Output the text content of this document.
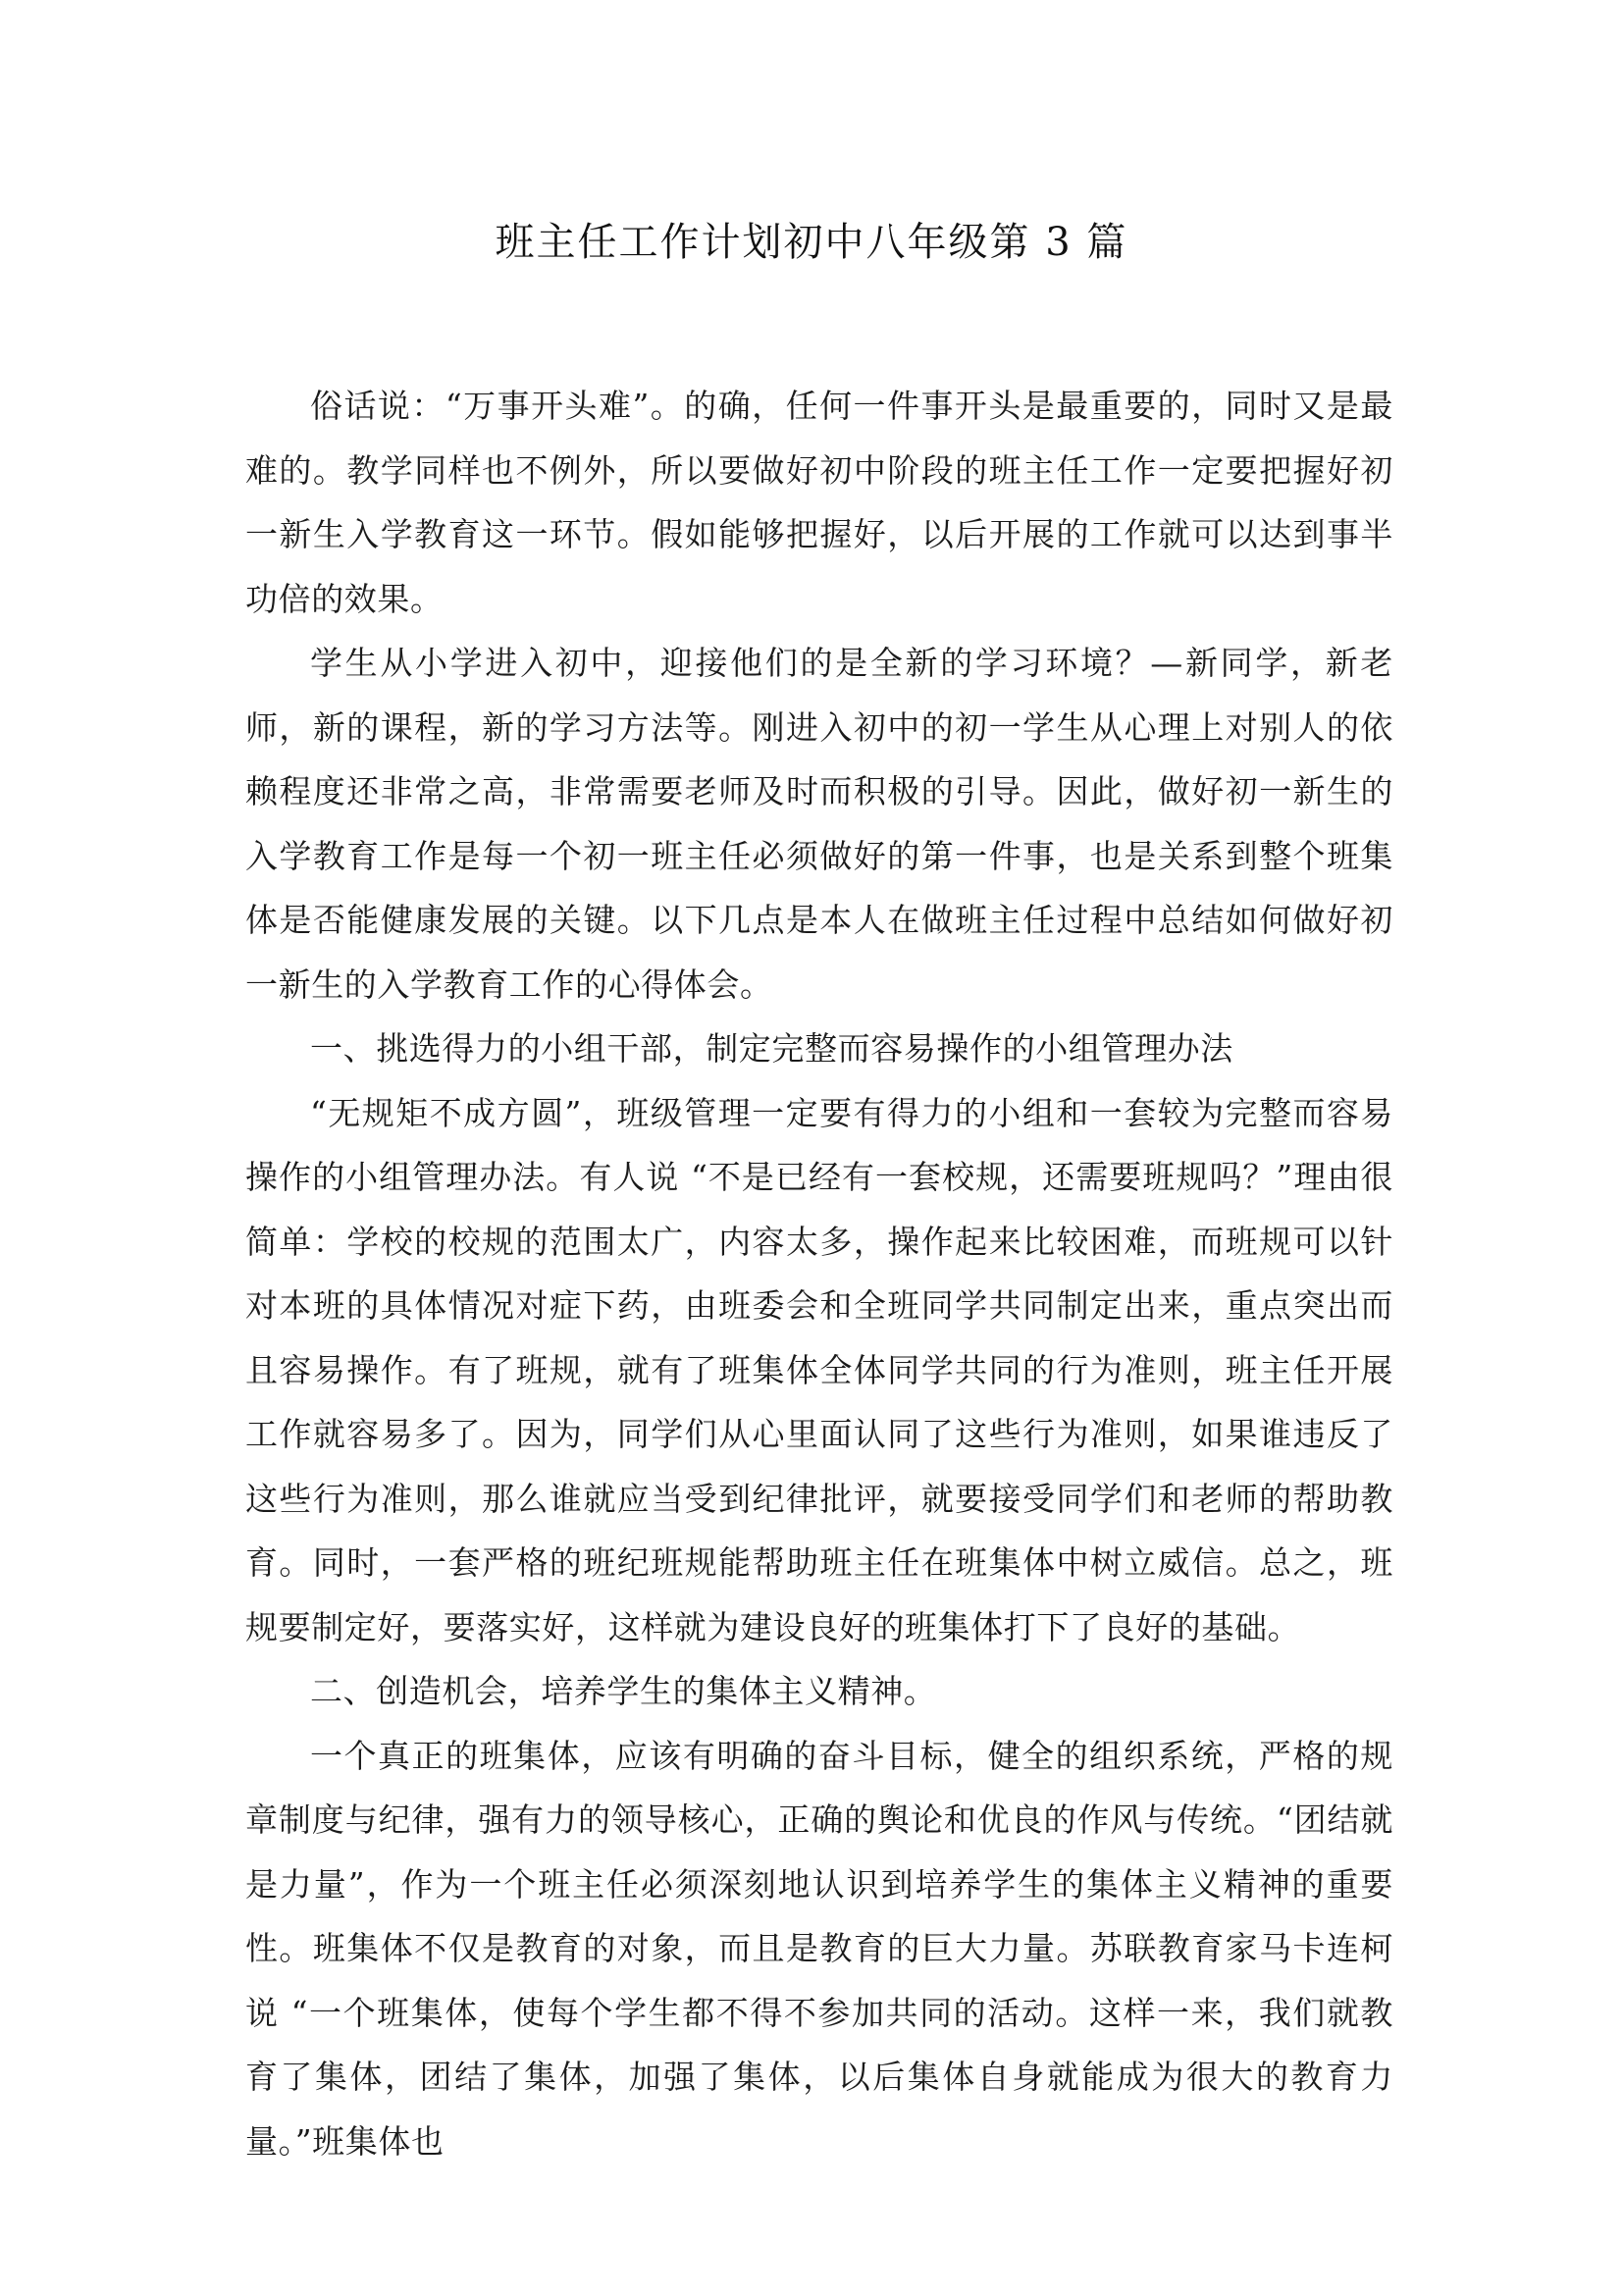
班主任工作计划初中八年级第 3 篇

俗话说：“万事开头难”。的确，任何一件事开头是最重要的，同时又是最难的。教学同样也不例外，所以要做好初中阶段的班主任工作一定要把握好初一新生入学教育这一环节。假如能够把握好，以后开展的工作就可以达到事半功倍的效果。

学生从小学进入初中，迎接他们的是全新的学习环境？—新同学，新老师，新的课程，新的学习方法等。刚进入初中的初一学生从心理上对别人的依赖程度还非常之高，非常需要老师及时而积极的引导。因此，做好初一新生的入学教育工作是每一个初一班主任必须做好的第一件事，也是关系到整个班集体是否能健康发展的关键。以下几点是本人在做班主任过程中总结如何做好初一新生的入学教育工作的心得体会。

一、挑选得力的小组干部，制定完整而容易操作的小组管理办法

“无规矩不成方圆”，班级管理一定要有得力的小组和一套较为完整而容易操作的小组管理办法。有人说 “不是已经有一套校规，还需要班规吗？”理由很简单：学校的校规的范围太广，内容太多，操作起来比较困难，而班规可以针对本班的具体情况对症下药，由班委会和全班同学共同制定出来，重点突出而且容易操作。有了班规，就有了班集体全体同学共同的行为准则，班主任开展工作就容易多了。因为，同学们从心里面认同了这些行为准则，如果谁违反了这些行为准则，那么谁就应当受到纪律批评，就要接受同学们和老师的帮助教育。同时，一套严格的班纪班规能帮助班主任在班集体中树立威信。总之，班规要制定好，要落实好，这样就为建设良好的班集体打下了良好的基础。

二、创造机会，培养学生的集体主义精神。

一个真正的班集体，应该有明确的奋斗目标，健全的组织系统，严格的规章制度与纪律，强有力的领导核心，正确的舆论和优良的作风与传统。“团结就是力量”，作为一个班主任必须深刻地认识到培养学生的集体主义精神的重要性。班集体不仅是教育的对象，而且是教育的巨大力量。苏联教育家马卡连柯说 “一个班集体，使每个学生都不得不参加共同的活动。这样一来，我们就教育了集体，团结了集体，加强了集体，以后集体自身就能成为很大的教育力量。”班集体也
